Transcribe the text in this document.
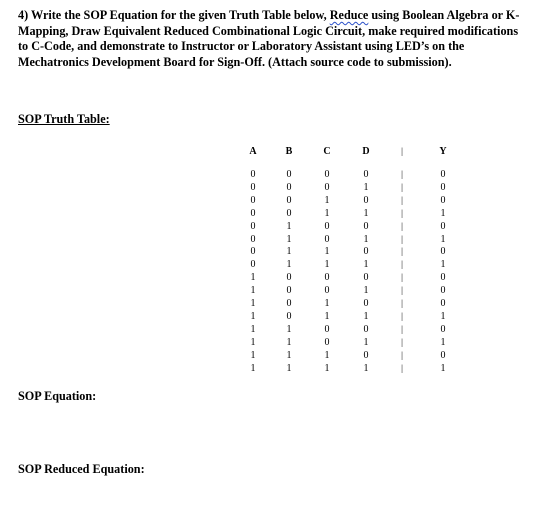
4) Write the SOP Equation for the given Truth Table below, Reduce using Boolean Algebra or K-Mapping, Draw Equivalent Reduced Combinational Logic Circuit, make required modifications to C-Code, and demonstrate to Instructor or Laboratory Assistant using LED’s on the Mechatronics Development Board for Sign-Off. (Attach source code to submission).
SOP Truth Table:
A	B	C	D	|	Y
0	0	0	0	|	0
0	0	0	1	|	0
0	0	1	0	|	0
0	0	1	1	|	1
0	1	0	0	|	0
0	1	0	1	|	1
0	1	1	0	|	0
0	1	1	1	|	1
1	0	0	0	|	0
1	0	0	1	|	0
1	0	1	0	|	0
1	0	1	1	|	1
1	1	0	0	|	0
1	1	0	1	|	1
1	1	1	0	|	0
1	1	1	1	|	1
SOP Equation:
SOP Reduced Equation:
